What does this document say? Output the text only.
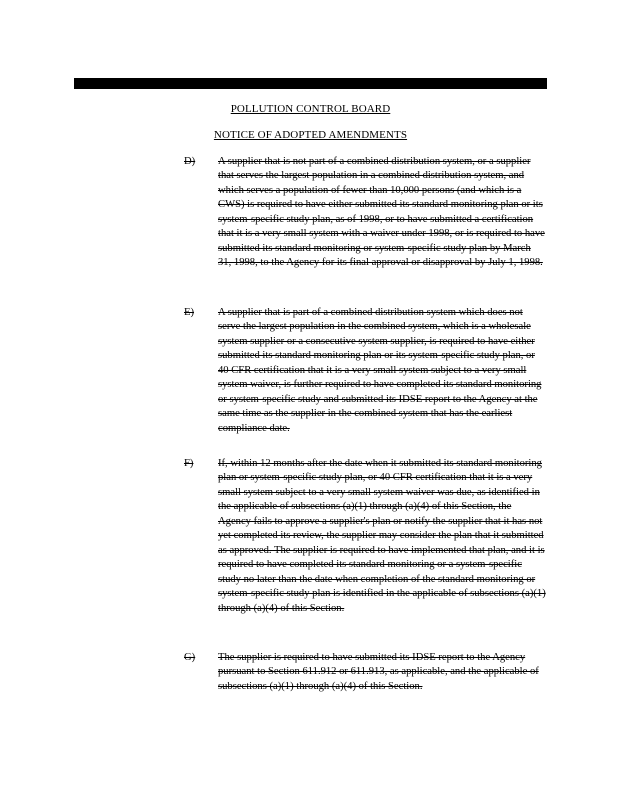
ILLINOIS REGISTER
POLLUTION CONTROL BOARD
NOTICE OF ADOPTED AMENDMENTS
D)	A supplier that is not part of a combined distribution system, or a supplier that serves the largest population in a combined distribution system, and which serves a population of fewer than 10,000 persons (and which is a CWS) is required to have either submitted its standard monitoring plan or its system-specific study plan, as of 1998, or to have submitted a certification that it is a very small system with a waiver under 1998, or is required to have submitted its standard monitoring or system-specific study plan by March 31, 1998, to the Agency for its final approval or disapproval by July 1, 1998.
E)	A supplier that is part of a combined distribution system which does not serve the largest population in the combined system, which is a wholesale system supplier or a consecutive system supplier, is required to have either submitted its standard monitoring plan or its system-specific study plan, or 40 CFR certification that it is a very small system subject to a very small system waiver, is further required to have completed its standard monitoring or system-specific study and submitted its IDSE report to the Agency at the same time as the supplier in the combined system that has the earliest compliance date.
F)	If, within 12 months after the date when it submitted its standard monitoring plan or system-specific study plan, or 40 CFR certification that it is a very small system subject to a very small system waiver was due, as identified in the applicable of subsections (a)(1) through (a)(4) of this Section, the Agency fails to approve a supplier's plan or notify the supplier that it has not yet completed its review, the supplier may consider the plan that it submitted as approved. The supplier is required to have implemented that plan, and it is required to have completed its standard monitoring or a system-specific study no later than the date when completion of the standard monitoring or system-specific study plan is identified in the applicable of subsections (a)(1) through (a)(4) of this Section.
G)	The supplier is required to have submitted its IDSE report to the Agency pursuant to Section 611.912 or 611.913, as applicable, and the applicable of subsections (a)(1) through (a)(4) of this Section.
